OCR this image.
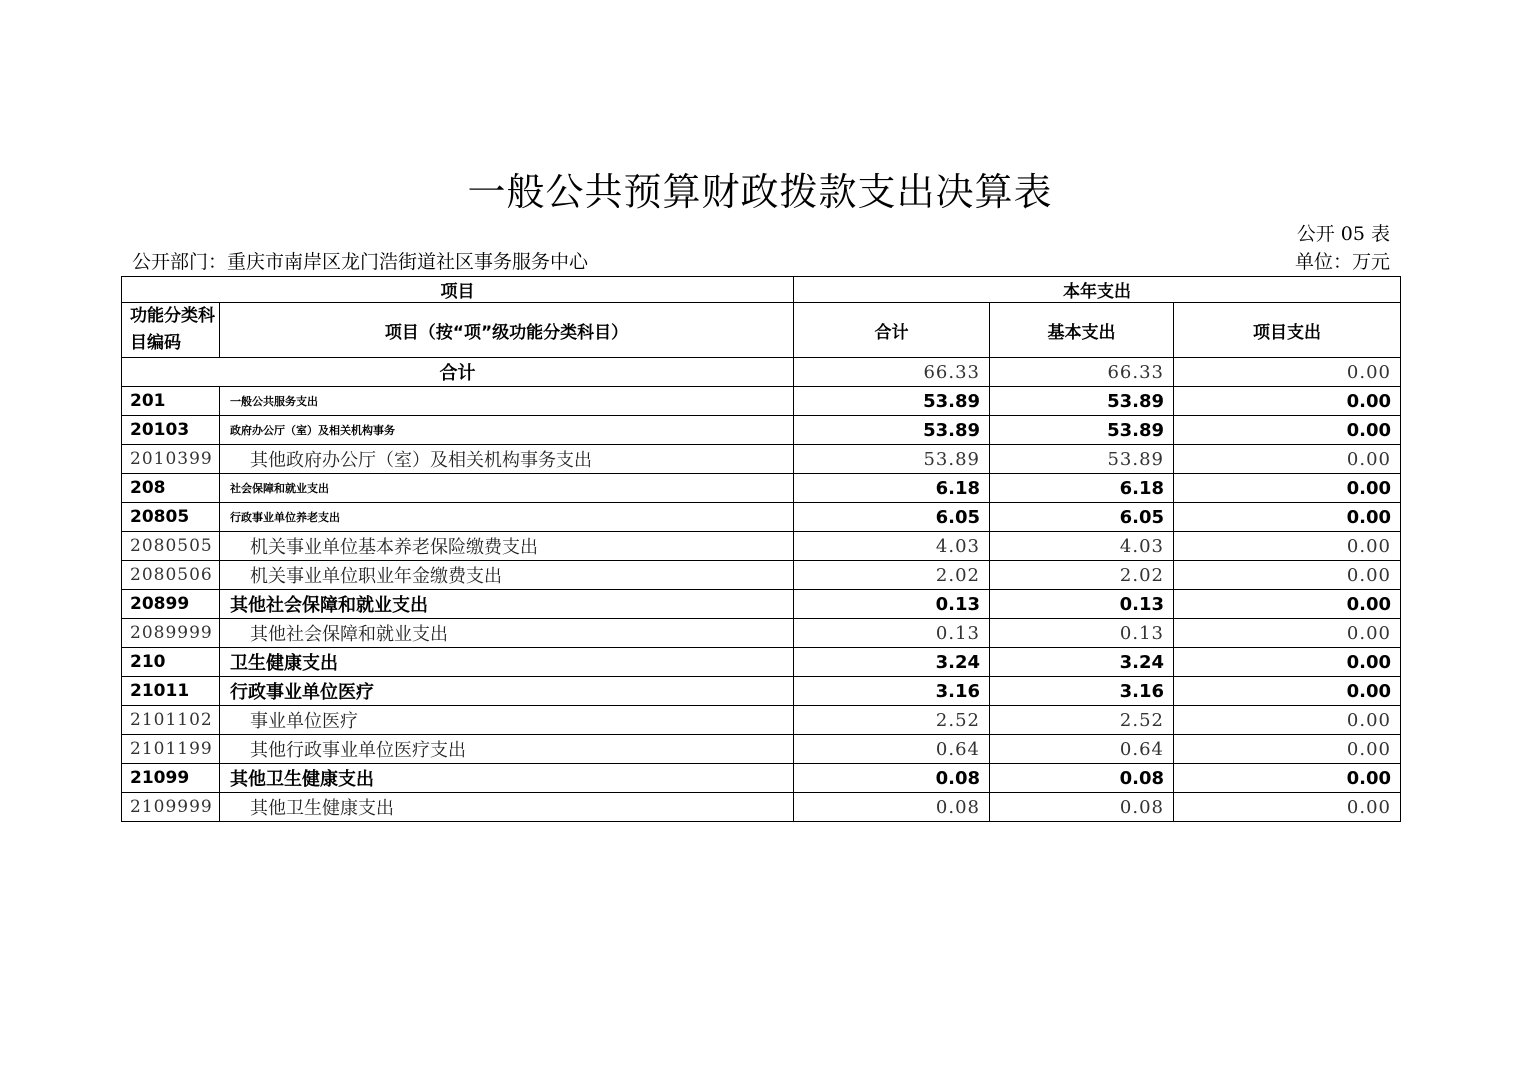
一般公共预算财政拨款支出决算表
公开 05 表
公开部门：重庆市南岸区龙门浩街道社区事务服务中心	单位：万元
项目		本年支出		
功能分类科目编码	项目（按“项”级功能分类科目）	合计	基本支出	项目支出
合计		66.33	66.33	0.00
201	一般公共服务支出	53.89	53.89	0.00
20103	政府办公厅（室）及相关机构事务	53.89	53.89	0.00
2010399	其他政府办公厅（室）及相关机构事务支出	53.89	53.89	0.00
208	社会保障和就业支出	6.18	6.18	0.00
20805	行政事业单位养老支出	6.05	6.05	0.00
2080505	机关事业单位基本养老保险缴费支出	4.03	4.03	0.00
2080506	机关事业单位职业年金缴费支出	2.02	2.02	0.00
20899	其他社会保障和就业支出	0.13	0.13	0.00
2089999	其他社会保障和就业支出	0.13	0.13	0.00
210	卫生健康支出	3.24	3.24	0.00
21011	行政事业单位医疗	3.16	3.16	0.00
2101102	事业单位医疗	2.52	2.52	0.00
2101199	其他行政事业单位医疗支出	0.64	0.64	0.00
21099	其他卫生健康支出	0.08	0.08	0.00
2109999	其他卫生健康支出	0.08	0.08	0.00
